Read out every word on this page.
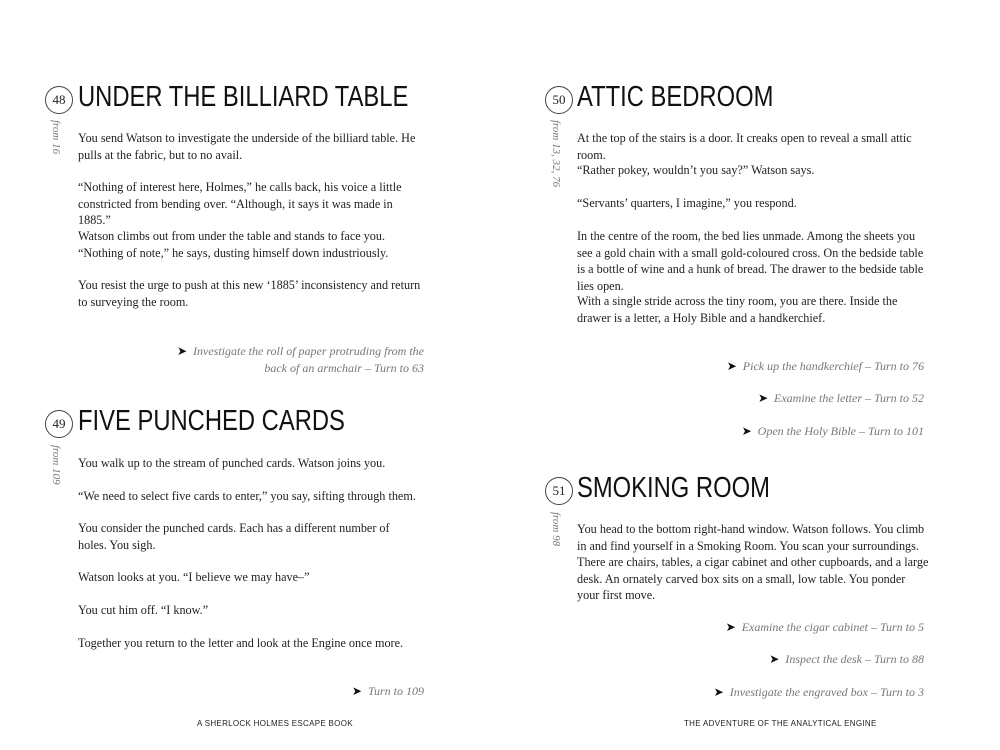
48 UNDER THE BILLIARD TABLE
from 16 You send Watson to investigate the underside of the billiard table. He pulls at the fabric, but to no avail.

“Nothing of interest here, Holmes,” he calls back, his voice a little constricted from bending over. “Although, it says it was made in 1885.”

Watson climbs out from under the table and stands to face you. “Nothing of note,” he says, dusting himself down industriously.

You resist the urge to push at this new ‘1885’ inconsistency and return to surveying the room.

➤ Investigate the roll of paper protruding from the
back of an armchair – Turn to 63
49 FIVE PUNCHED CARDS
from 109 You walk up to the stream of punched cards. Watson joins you.

“We need to select five cards to enter,” you say, sifting through them.

You consider the punched cards. Each has a different number of holes. You sigh.

Watson looks at you. “I believe we may have–”

You cut him off. “I know.”

Together you return to the letter and look at the Engine once more.

➤ Turn to 109
A SHERLOCK HOLMES ESCAPE BOOK
50 ATTIC BEDROOM
from 13, 32, 76 At the top of the stairs is a door. It creaks open to reveal a small attic room.

“Rather pokey, wouldn’t you say?” Watson says.

“Servants’ quarters, I imagine,” you respond.

In the centre of the room, the bed lies unmade. Among the sheets you see a gold chain with a small gold-coloured cross. On the bedside table is a bottle of wine and a hunk of bread. The drawer to the bedside table lies open.

With a single stride across the tiny room, you are there. Inside the drawer is a letter, a Holy Bible and a handkerchief.

➤ Pick up the handkerchief – Turn to 76
➤ Examine the letter – Turn to 52
➤ Open the Holy Bible – Turn to 101
51 SMOKING ROOM
from 98 You head to the bottom right-hand window. Watson follows. You climb in and find yourself in a Smoking Room. You scan your surroundings. There are chairs, tables, a cigar cabinet and other cupboards, and a large desk. An ornately carved box sits on a small, low table. You ponder your first move.

➤ Examine the cigar cabinet – Turn to 5
➤ Inspect the desk – Turn to 88
➤ Investigate the engraved box – Turn to 3
THE ADVENTURE OF THE ANALYTICAL ENGINE
